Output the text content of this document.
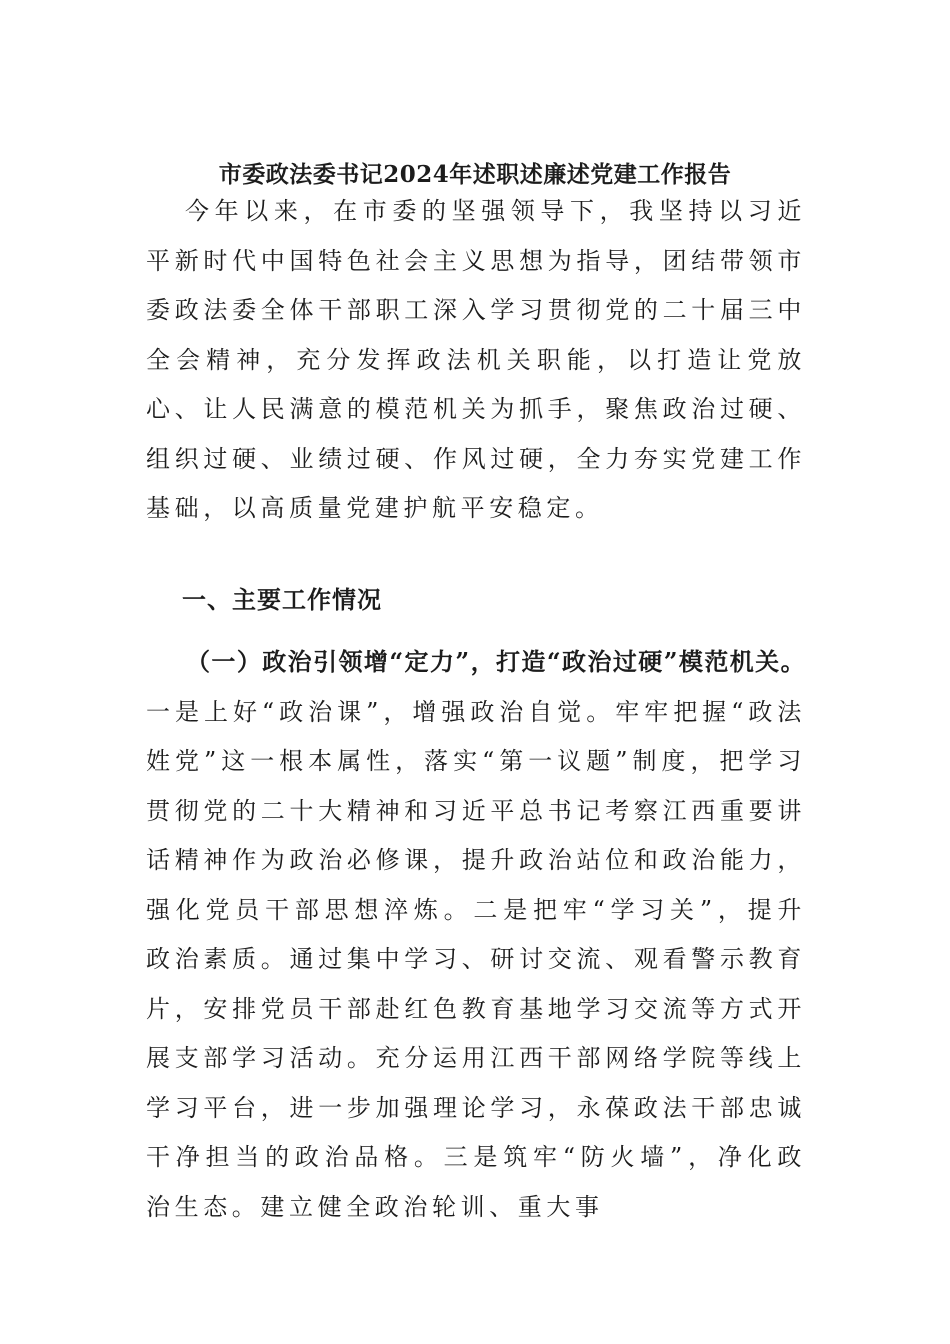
市委政法委书记2024年述职述廉述党建工作报告

今年以来，在市委的坚强领导下，我坚持以习近平新时代中国特色社会主义思想为指导，团结带领市委政法委全体干部职工深入学习贯彻党的二十届三中全会精神，充分发挥政法机关职能，以打造让党放心、让人民满意的模范机关为抓手，聚焦政治过硬、组织过硬、业绩过硬、作风过硬，全力夯实党建工作基础，以高质量党建护航平安稳定。

一、主要工作情况

（一）政治引领增“定力”，打造“政治过硬”模范机关。一是上好“政治课”，增强政治自觉。牢牢把握“政法姓党”这一根本属性，落实“第一议题”制度，把学习贯彻党的二十大精神和习近平总书记考察江西重要讲话精神作为政治必修课，提升政治站位和政治能力，强化党员干部思想淬炼。二是把牢“学习关”，提升政治素质。通过集中学习、研讨交流、观看警示教育片，安排党员干部赴红色教育基地学习交流等方式开展支部学习活动。充分运用江西干部网络学院等线上学习平台，进一步加强理论学习，永葆政法干部忠诚干净担当的政治品格。三是筑牢“防火墙”，净化政治生态。建立健全政治轮训、重大事
